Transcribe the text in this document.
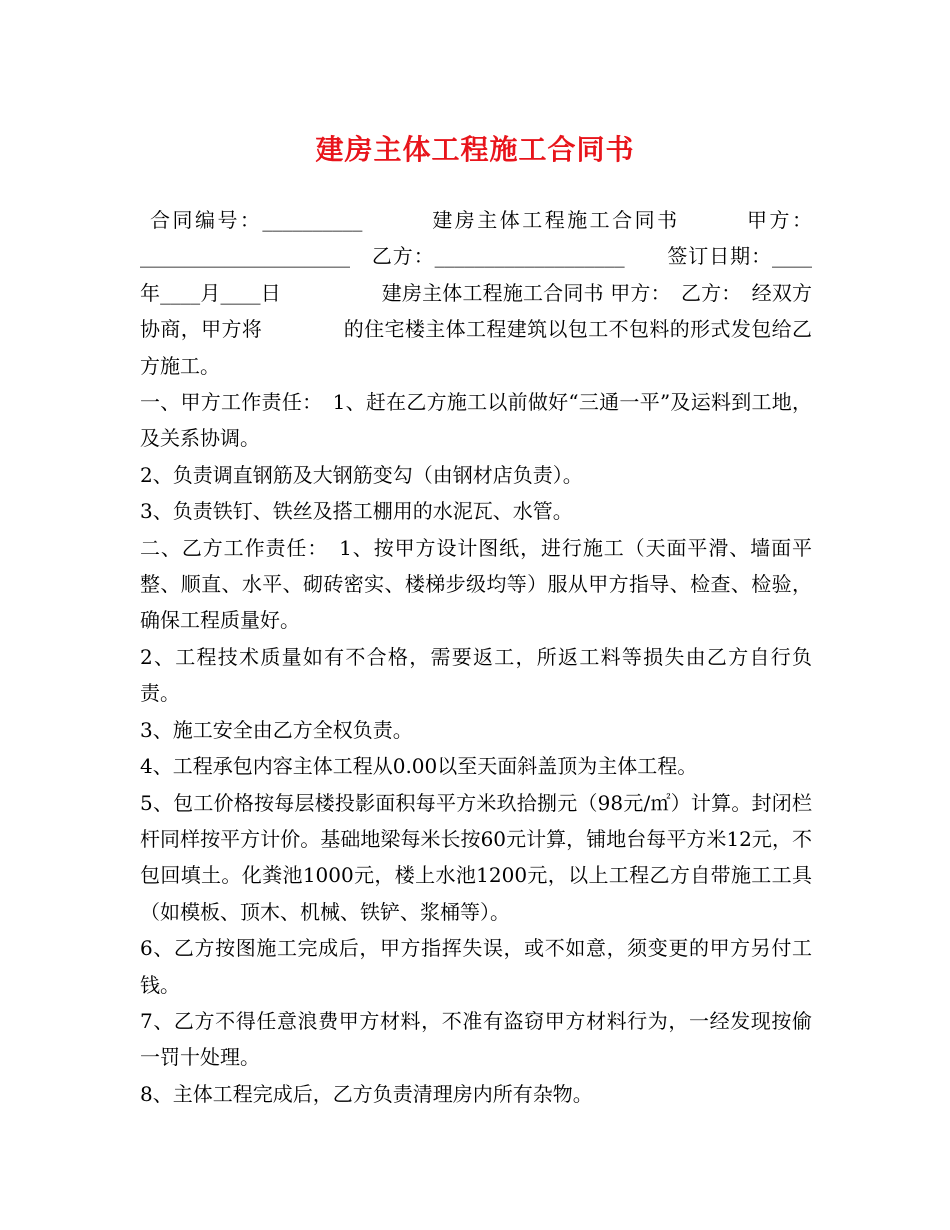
建房主体工程施工合同书

合同编号：__________　　　建房主体工程施工合同书　　　甲方：_____________________　乙方：___________________　　签订日期：____年____月____日　　　　　建房主体工程施工合同书 甲方：　乙方：　经双方协商，甲方将　　　　的住宅楼主体工程建筑以包工不包料的形式发包给乙方施工。

一、甲方工作责任：　1、赶在乙方施工以前做好“三通一平”及运料到工地，及关系协调。

2、负责调直钢筋及大钢筋变勾（由钢材店负责）。

3、负责铁钉、铁丝及搭工棚用的水泥瓦、水管。

二、乙方工作责任：　1、按甲方设计图纸，进行施工（天面平滑、墙面平整、顺直、水平、砌砖密实、楼梯步级均等）服从甲方指导、检查、检验，确保工程质量好。

2、工程技术质量如有不合格，需要返工，所返工料等损失由乙方自行负责。

3、施工安全由乙方全权负责。

4、工程承包内容主体工程从0.00以至天面斜盖顶为主体工程。

5、包工价格按每层楼投影面积每平方米玖拾捌元（98元/㎡）计算。封闭栏杆同样按平方计价。基础地梁每米长按60元计算，铺地台每平方米12元，不包回填土。化粪池1000元，楼上水池1200元，以上工程乙方自带施工工具（如模板、顶木、机械、铁铲、浆桶等）。

6、乙方按图施工完成后，甲方指挥失误，或不如意，须变更的甲方另付工钱。

7、乙方不得任意浪费甲方材料，不准有盗窃甲方材料行为，一经发现按偷一罚十处理。

8、主体工程完成后，乙方负责清理房内所有杂物。
